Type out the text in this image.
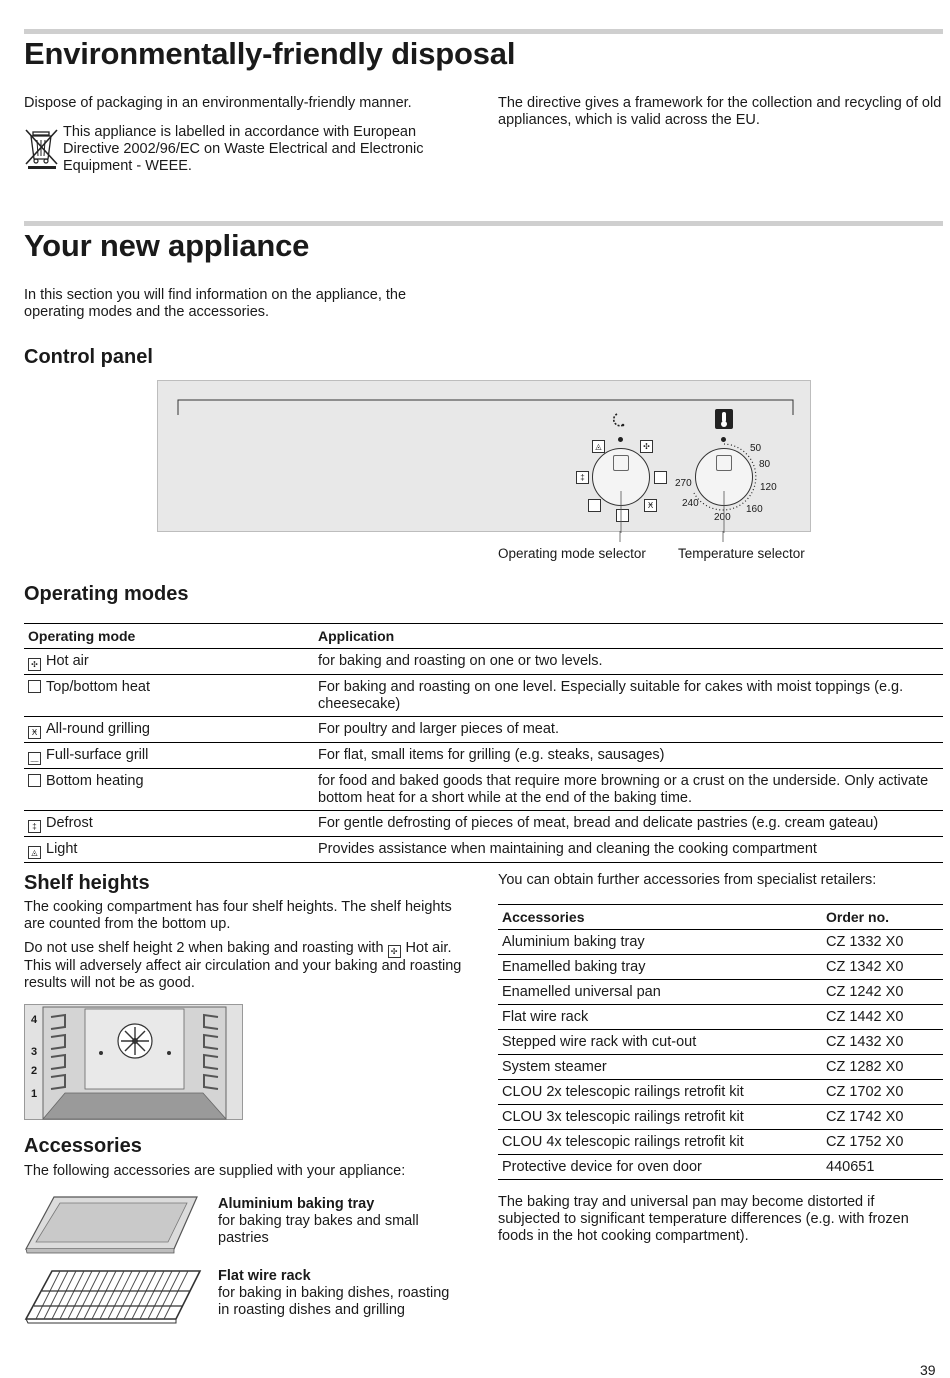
Environmentally-friendly disposal
Dispose of packaging in an environmentally-friendly manner.
This appliance is labelled in accordance with European Directive 2002/96/EC on Waste Electrical and Electronic Equipment - WEEE.
The directive gives a framework for the collection and recycling of old appliances, which is valid across the EU.
Your new appliance
In this section you will find information on the appliance, the operating modes and the accessories.
Control panel
◬	✣
‡
Ӿ
50
80
120
160
200
240
270
Operating mode selector Temperature selector
Operating modes
Operating mode	Application
✣ Hot air	for baking and roasting on one or two levels.
Top/bottom heat	For baking and roasting on one level. Especially suitable for cakes with moist toppings (e.g. cheesecake)
Ӿ All-round grilling	For poultry and larger pieces of meat.
﹏ Full-surface grill	For flat, small items for grilling (e.g. steaks, sausages)
Bottom heating	for food and baked goods that require more browning or a crust on the underside. Only activate bottom heat for a short while at the end of the baking time.
‡ Defrost	For gentle defrosting of pieces of meat, bread and delicate pastries (e.g. cream gateau)
◬ Light	Provides assistance when maintaining and cleaning the cooking compartment
Shelf heights
The cooking compartment has four shelf heights. The shelf heights are counted from the bottom up.
Do not use shelf height 2 when baking and roasting with ✣ Hot air. This will adversely affect air circulation and your baking and roasting results will not be as good.
4
3
2
1
Accessories
The following accessories are supplied with your appliance:
Aluminium baking tray
for baking tray bakes and small pastries
Flat wire rack
for baking in baking dishes, roasting in roasting dishes and grilling
You can obtain further accessories from specialist retailers:
Accessories	Order no.
Aluminium baking tray	CZ 1332 X0
Enamelled baking tray	CZ 1342 X0
Enamelled universal pan	CZ 1242 X0
Flat wire rack	CZ 1442 X0
Stepped wire rack with cut-out	CZ 1432 X0
System steamer	CZ 1282 X0
CLOU 2x telescopic railings retrofit kit	CZ 1702 X0
CLOU 3x telescopic railings retrofit kit	CZ 1742 X0
CLOU 4x telescopic railings retrofit kit	CZ 1752 X0
Protective device for oven door	440651
The baking tray and universal pan may become distorted if subjected to significant temperature differences (e.g. with frozen foods in the hot cooking compartment).
39
